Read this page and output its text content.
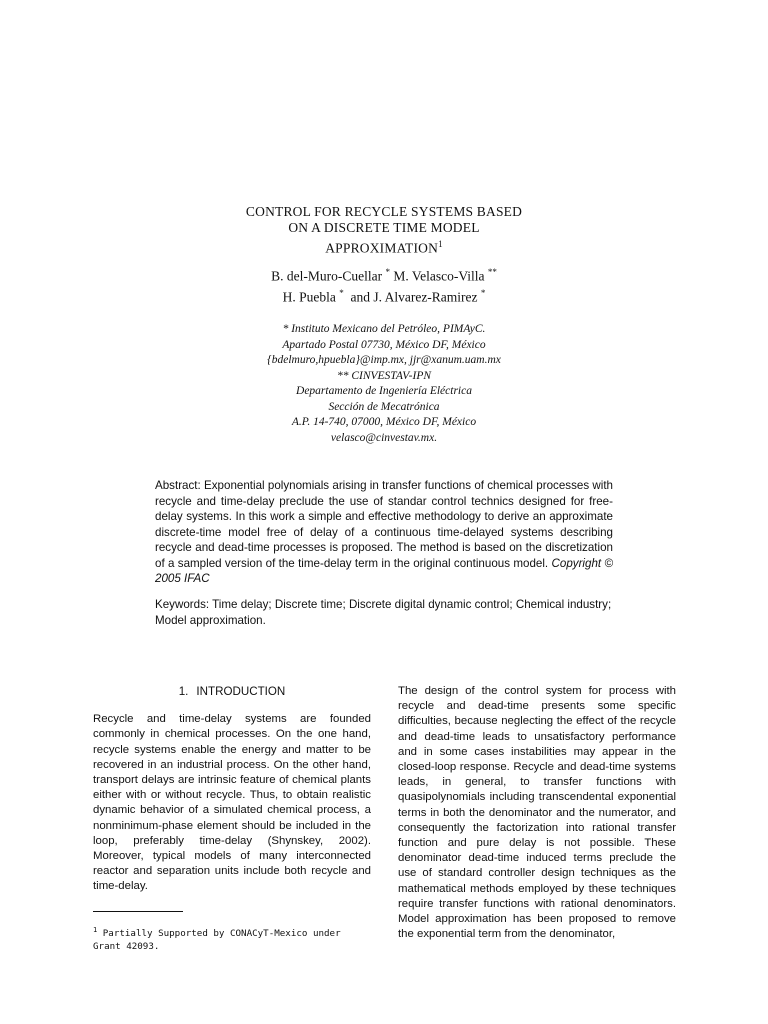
CONTROL FOR RECYCLE SYSTEMS BASED
ON A DISCRETE TIME MODEL
APPROXIMATION$^1$
B. del-Muro-Cuellar * M. Velasco-Villa **
H. Puebla * and J. Alvarez-Ramirez *
* Instituto Mexicano del Petróleo, PIMAyC.
Apartado Postal 07730, México DF, México
{bdelmuro,hpuebla}@imp.mx, jjr@xanum.uam.mx
** CINVESTAV-IPN
Departamento de Ingeniería Eléctrica
Sección de Mecatrónica
A.P. 14-740, 07000, México DF, México
velasco@cinvestav.mx.
Abstract: Exponential polynomials arising in transfer functions of chemical processes with recycle and time-delay preclude the use of standar control technics designed for free-delay systems. In this work a simple and effective methodology to derive an approximate discrete-time model free of delay of a continuous time-delayed systems describing recycle and dead-time processes is proposed. The method is based on the discretization of a sampled version of the time-delay term in the original continuous model. Copyright © 2005 IFAC
Keywords: Time delay; Discrete time; Discrete digital dynamic control; Chemical industry; Model approximation.
1. INTRODUCTION

Recycle and time-delay systems are founded commonly in chemical processes. On the one hand, recycle systems enable the energy and matter to be recovered in an industrial process. On the other hand, transport delays are intrinsic feature of chemical plants either with or without recycle. Thus, to obtain realistic dynamic behavior of a simulated chemical process, a nonminimum-phase element should be included in the loop, preferably time-delay (Shynskey, 2002). Moreover, typical models of many interconnected reactor and separation units include both recycle and time-delay.

The design of the control system for process with recycle and dead-time presents some specific difficulties, because neglecting the effect of the recycle and dead-time leads to unsatisfactory performance and in some cases instabilities may appear in the closed-loop response. Recycle and dead-time systems leads, in general, to transfer functions with quasipolynomials including transcendental exponential terms in both the denominator and the numerator, and consequently the factorization into rational transfer function and pure delay is not possible. These denominator dead-time induced terms preclude the use of standard controller design techniques as the mathematical methods employed by these techniques require transfer functions with rational denominators. Model approximation has been proposed to remove the exponential term from the denominator,

$^1$ Partially Supported by CONACyT-Mexico under Grant 42093.
